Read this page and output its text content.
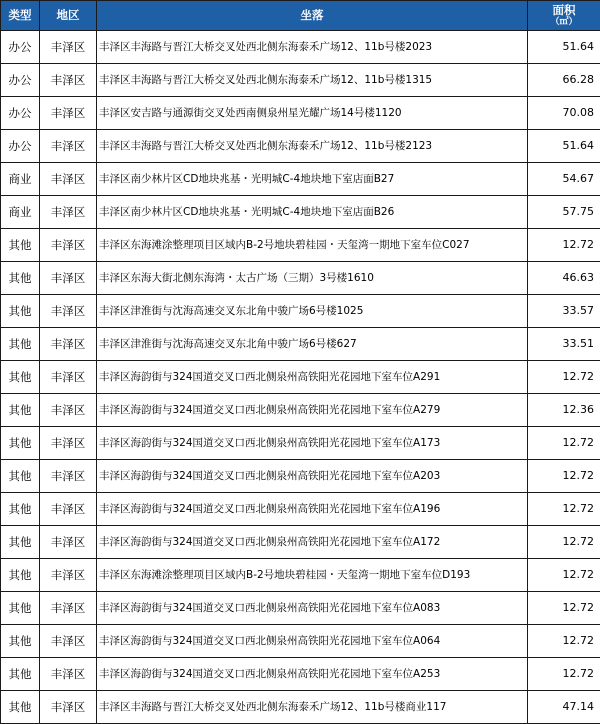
类型	地区	坐落	面积
（㎡）

办公	丰泽区	丰泽区丰海路与晋江大桥交叉处西北侧东海泰禾广场12、11b号楼2023	51.64
办公	丰泽区	丰泽区丰海路与晋江大桥交叉处西北侧东海泰禾广场12、11b号楼1315	66.28
办公	丰泽区	丰泽区安吉路与通源街交叉处西南侧泉州星光耀广场14号楼1120	70.08
办公	丰泽区	丰泽区丰海路与晋江大桥交叉处西北侧东海泰禾广场12、11b号楼2123	51.64
商业	丰泽区	丰泽区南少林片区CD地块兆基・光明城C-4地块地下室店面B27	54.67
商业	丰泽区	丰泽区南少林片区CD地块兆基・光明城C-4地块地下室店面B26	57.75
其他	丰泽区	丰泽区东海滩涂整理项目区域内B-2号地块碧桂园・天玺湾一期地下室车位C027	12.72
其他	丰泽区	丰泽区东海大街北侧东海湾・太古广场（三期）3号楼1610	46.63
其他	丰泽区	丰泽区津淮街与沈海高速交叉东北角中骏广场6号楼1025	33.57
其他	丰泽区	丰泽区津淮街与沈海高速交叉东北角中骏广场6号楼627	33.51
其他	丰泽区	丰泽区海韵街与324国道交叉口西北侧泉州高铁阳光花园地下室车位A291	12.72
其他	丰泽区	丰泽区海韵街与324国道交叉口西北侧泉州高铁阳光花园地下室车位A279	12.36
其他	丰泽区	丰泽区海韵街与324国道交叉口西北侧泉州高铁阳光花园地下室车位A173	12.72
其他	丰泽区	丰泽区海韵街与324国道交叉口西北侧泉州高铁阳光花园地下室车位A203	12.72
其他	丰泽区	丰泽区海韵街与324国道交叉口西北侧泉州高铁阳光花园地下室车位A196	12.72
其他	丰泽区	丰泽区海韵街与324国道交叉口西北侧泉州高铁阳光花园地下室车位A172	12.72
其他	丰泽区	丰泽区东海滩涂整理项目区域内B-2号地块碧桂园・天玺湾一期地下室车位D193	12.72
其他	丰泽区	丰泽区海韵街与324国道交叉口西北侧泉州高铁阳光花园地下室车位A083	12.72
其他	丰泽区	丰泽区海韵街与324国道交叉口西北侧泉州高铁阳光花园地下室车位A064	12.72
其他	丰泽区	丰泽区海韵街与324国道交叉口西北侧泉州高铁阳光花园地下室车位A253	12.72
其他	丰泽区	丰泽区丰海路与晋江大桥交叉处西北侧东海泰禾广场12、11b号楼商业117	47.14
